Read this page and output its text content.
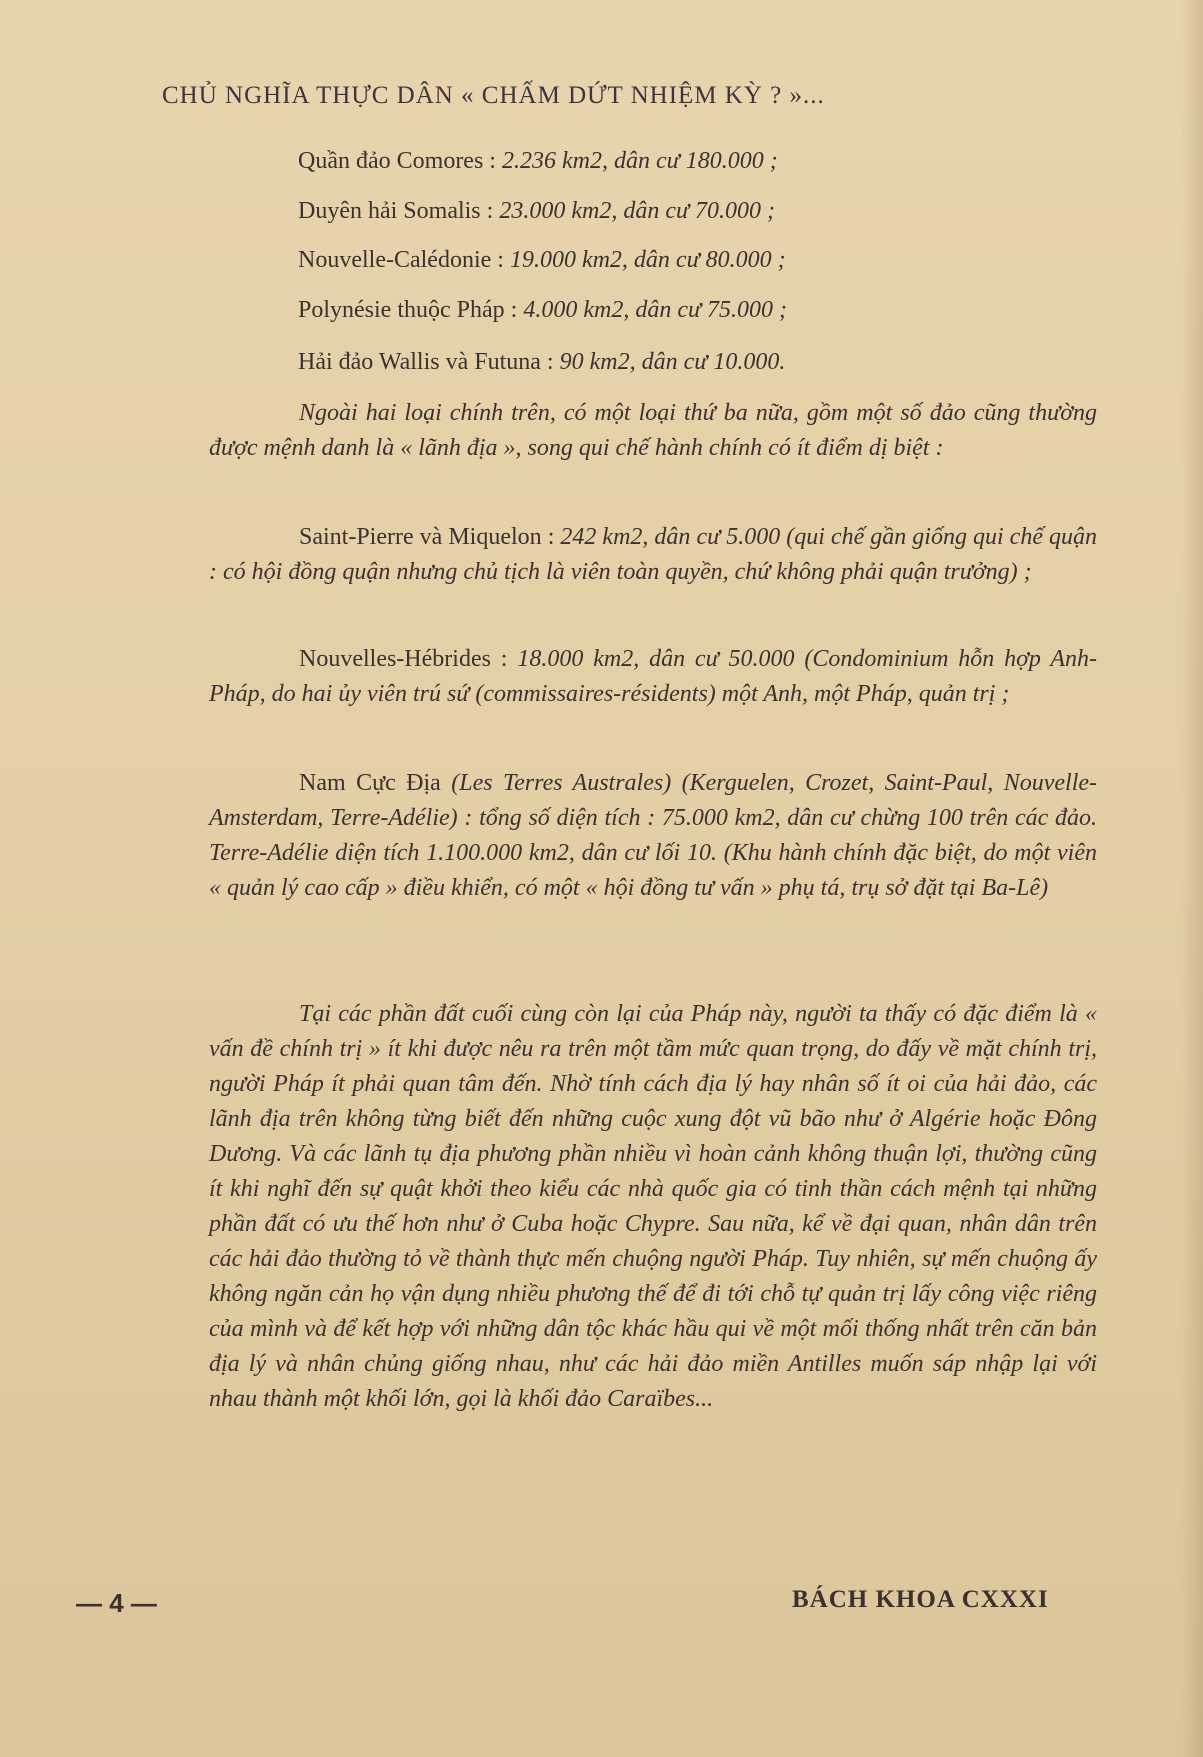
CHỦ NGHĨA THỰC DÂN « CHẤM DỨT NHIỆM KỲ ? »...
Quần đảo Comores : 2.236 km2, dân cư 180.000 ;
Duyên hải Somalis : 23.000 km2, dân cư 70.000 ;
Nouvelle-Calédonie : 19.000 km2, dân cư 80.000 ;
Polynésie thuộc Pháp : 4.000 km2, dân cư 75.000 ;
Hải đảo Wallis và Futuna : 90 km2, dân cư 10.000.
Ngoài hai loại chính trên, có một loại thứ ba nữa, gồm một số đảo cũng thường được mệnh danh là « lãnh địa », song qui chế hành chính có ít điểm dị biệt :
Saint-Pierre và Miquelon : 242 km2, dân cư 5.000 (qui chế gần giống qui chế quận : có hội đồng quận nhưng chủ tịch là viên toàn quyền, chứ không phải quận trưởng) ;
Nouvelles-Hébrides : 18.000 km2, dân cư 50.000 (Condominium hỗn hợp Anh-Pháp, do hai ủy viên trú sứ (commissaires-résidents) một Anh, một Pháp, quản trị ;
Nam Cực Địa (Les Terres Australes) (Kerguelen, Crozet, Saint-Paul, Nouvelle-Amsterdam, Terre-Adélie) : tổng số diện tích : 75.000 km2, dân cư chừng 100 trên các đảo. Terre-Adélie diện tích 1.100.000 km2, dân cư lối 10. (Khu hành chính đặc biệt, do một viên « quản lý cao cấp » điều khiển, có một « hội đồng tư vấn » phụ tá, trụ sở đặt tại Ba-Lê)
Tại các phần đất cuối cùng còn lại của Pháp này, người ta thấy có đặc điểm là « vấn đề chính trị » ít khi được nêu ra trên một tầm mức quan trọng, do đấy về mặt chính trị, người Pháp ít phải quan tâm đến. Nhờ tính cách địa lý hay nhân số ít oi của hải đảo, các lãnh địa trên không từng biết đến những cuộc xung đột vũ bão như ở Algérie hoặc Đông Dương. Và các lãnh tụ địa phương phần nhiều vì hoàn cảnh không thuận lợi, thường cũng ít khi nghĩ đến sự quật khởi theo kiểu các nhà quốc gia có tinh thần cách mệnh tại những phần đất có ưu thế hơn như ở Cuba hoặc Chypre. Sau nữa, kể về đại quan, nhân dân trên các hải đảo thường tỏ về thành thực mến chuộng người Pháp. Tuy nhiên, sự mến chuộng ấy không ngăn cản họ vận dụng nhiều phương thế để đi tới chỗ tự quản trị lấy công việc riêng của mình và để kết hợp với những dân tộc khác hầu qui về một mối thống nhất trên căn bản địa lý và nhân chủng giống nhau, như các hải đảo miền Antilles muốn sáp nhập lại với nhau thành một khối lớn, gọi là khối đảo Caraïbes...
— 4 —	BÁCH KHOA CXXXI
